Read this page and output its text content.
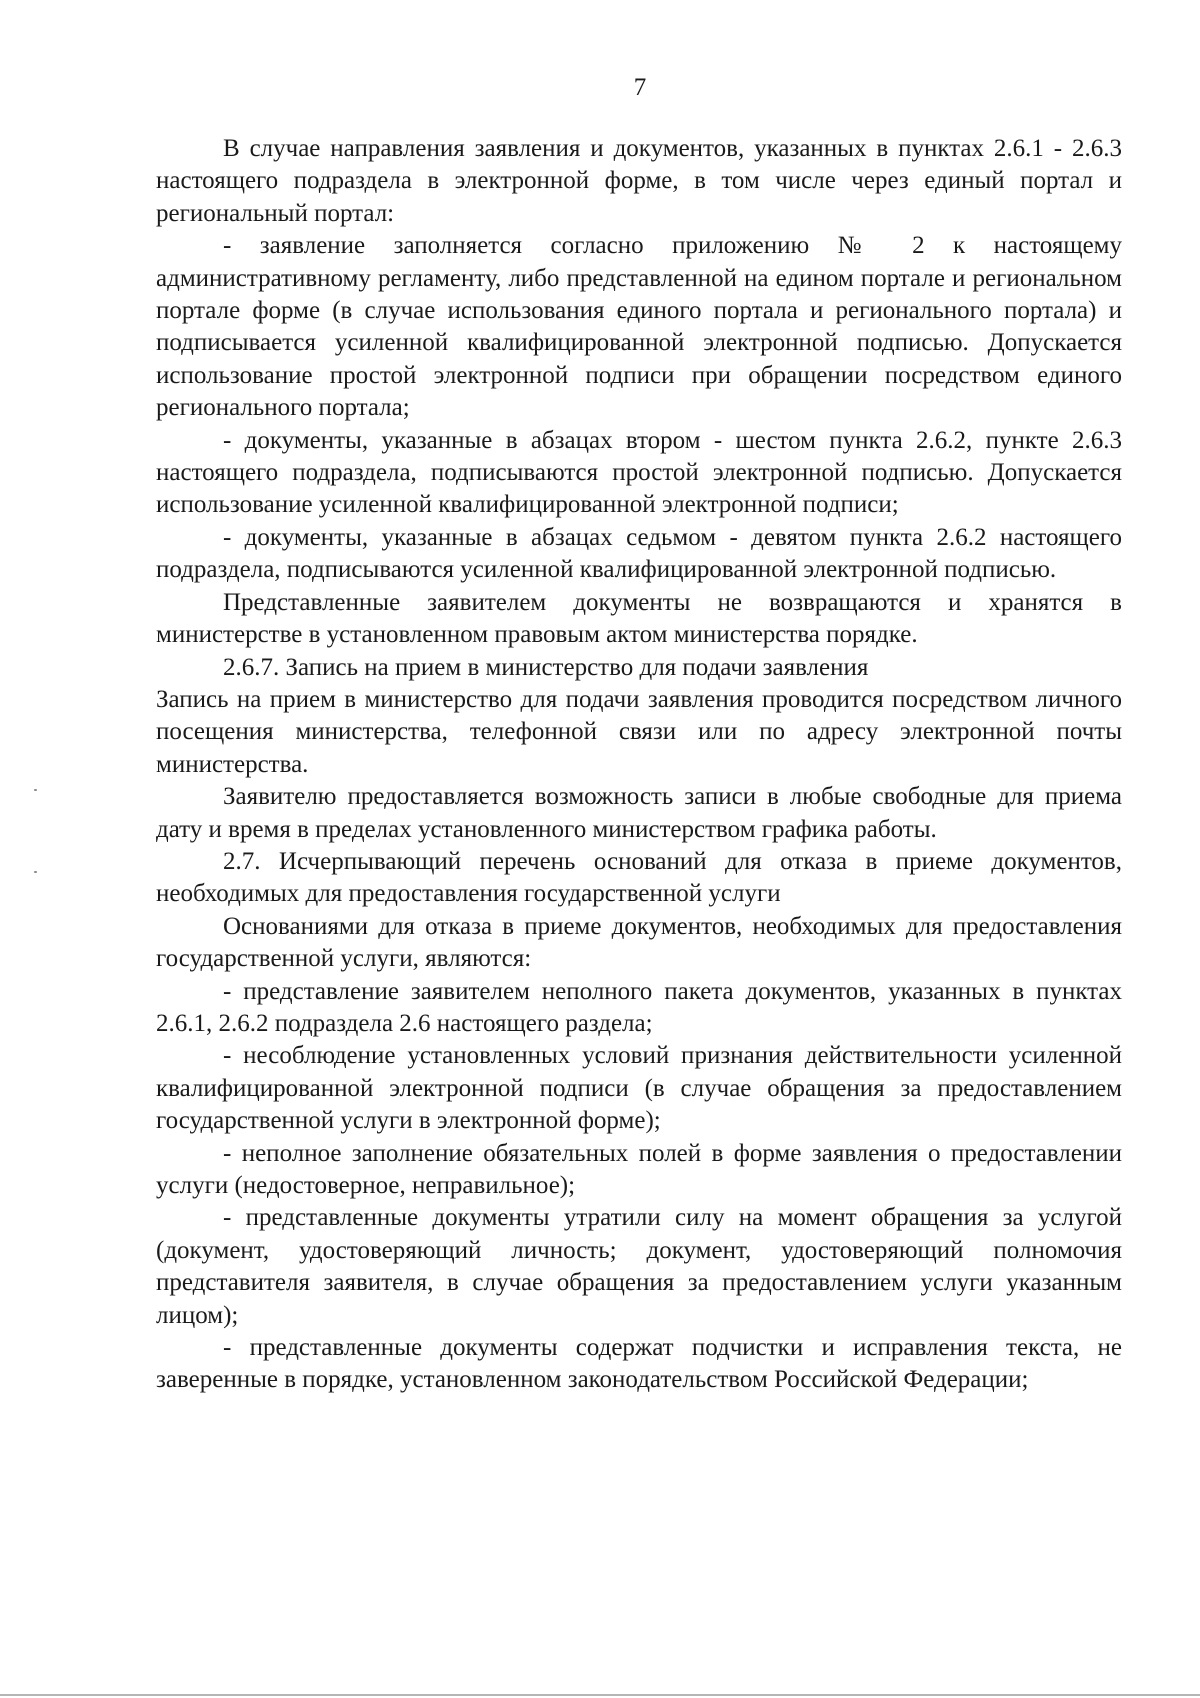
7

В случае направления заявления и документов, указанных в пунктах 2.6.1 - 2.6.3 настоящего подраздела в электронной форме, в том числе через единый портал и региональный портал:

- заявление заполняется согласно приложению № 2 к настоящему административному регламенту, либо представленной на едином портале и региональном портале форме (в случае использования единого портала и регионального портала) и подписывается усиленной квалифицированной электронной подписью. Допускается использование простой электронной подписи при обращении посредством единого регионального портала;

- документы, указанные в абзацах втором - шестом пункта 2.6.2, пункте 2.6.3 настоящего подраздела, подписываются простой электронной подписью. Допускается использование усиленной квалифицированной электронной подписи;

- документы, указанные в абзацах седьмом - девятом пункта 2.6.2 настоящего подраздела, подписываются усиленной квалифицированной электронной подписью.

Представленные заявителем документы не возвращаются и хранятся в министерстве в установленном правовым актом министерства порядке.

2.6.7. Запись на прием в министерство для подачи заявления

Запись на прием в министерство для подачи заявления проводится посредством личного посещения министерства, телефонной связи или по адресу электронной почты министерства.

Заявителю предоставляется возможность записи в любые свободные для приема дату и время в пределах установленного министерством графика работы.

2.7. Исчерпывающий перечень оснований для отказа в приеме документов, необходимых для предоставления государственной услуги

Основаниями для отказа в приеме документов, необходимых для предоставления государственной услуги, являются:

- представление заявителем неполного пакета документов, указанных в пунктах 2.6.1, 2.6.2 подраздела 2.6 настоящего раздела;

- несоблюдение установленных условий признания действительности усиленной квалифицированной электронной подписи (в случае обращения за предоставлением государственной услуги в электронной форме);

- неполное заполнение обязательных полей в форме заявления о предоставлении услуги (недостоверное, неправильное);

- представленные документы утратили силу на момент обращения за услугой (документ, удостоверяющий личность; документ, удостоверяющий полномочия представителя заявителя, в случае обращения за предоставлением услуги указанным лицом);

- представленные документы содержат подчистки и исправления текста, не заверенные в порядке, установленном законодательством Российской Федерации;
